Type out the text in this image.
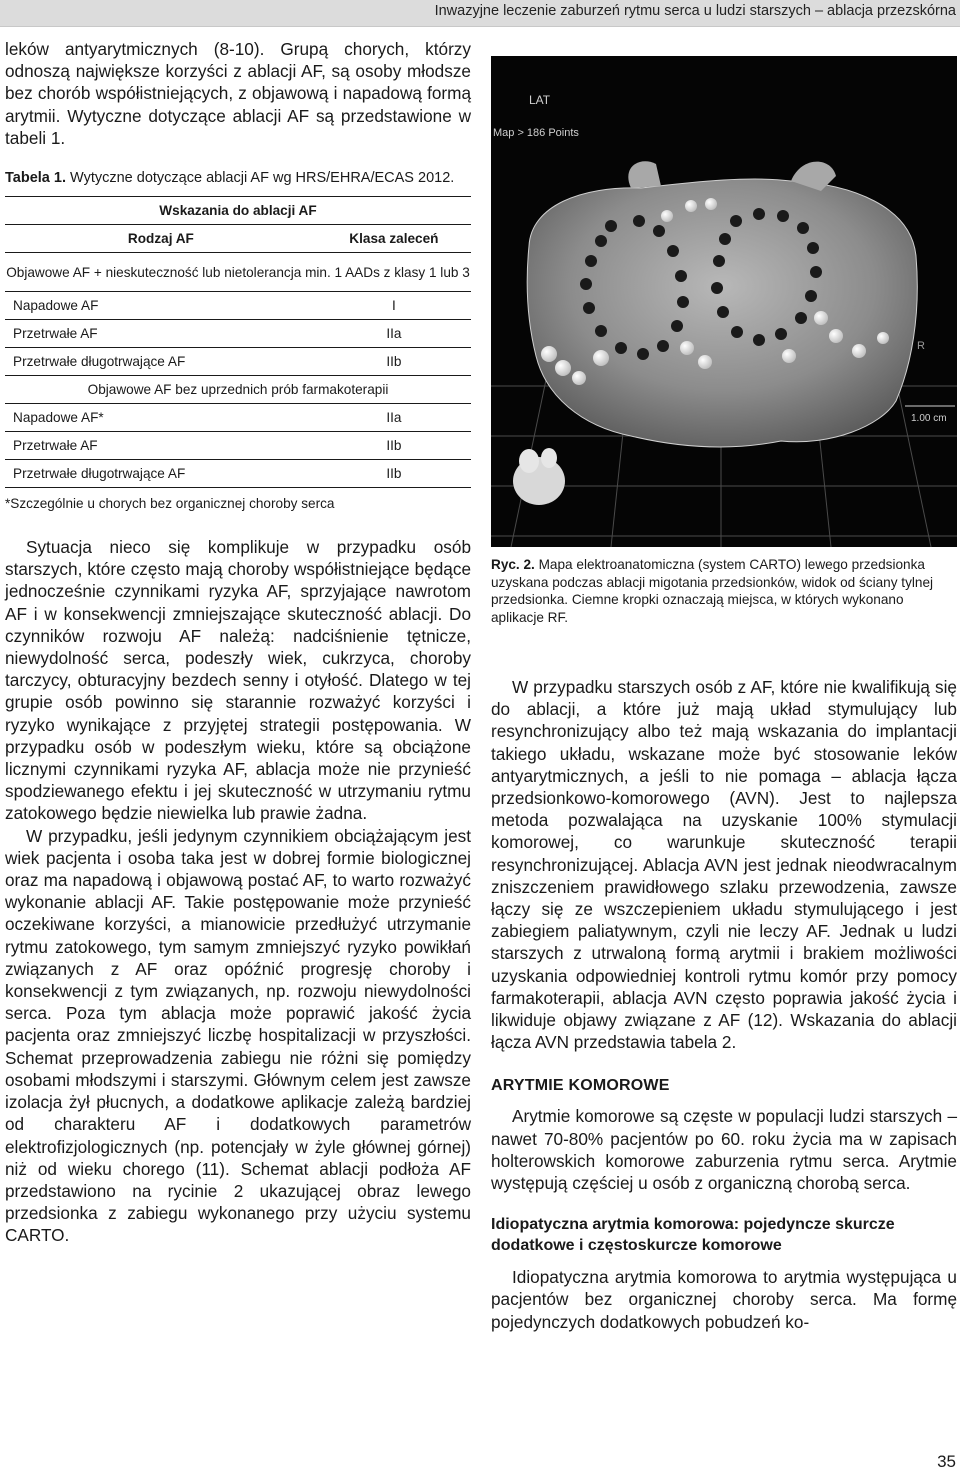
Inwazyjne leczenie zaburzeń rytmu serca u ludzi starszych – ablacja przezskórna

leków antyarytmicznych (8-10). Grupą chorych, którzy odnoszą największe korzyści z ablacji AF, są osoby młodsze bez chorób współistniejących, z objawową i napadową formą arytmii. Wytyczne dotyczące ablacji AF są przedstawione w tabeli 1.

Tabela 1. Wytyczne dotyczące ablacji AF wg HRS/EHRA/ECAS 2012.

Wskazania do ablacji AF	
Rodzaj AF	Klasa zaleceń
Objawowe AF + nieskuteczność lub nietolerancja min. 1 AADs z klasy 1 lub 3	
Napadowe AF	I
Przetrwałe AF	IIa
Przetrwałe długotrwające AF	IIb
Objawowe AF bez uprzednich prób farmakoterapii	
Napadowe AF*	IIa
Przetrwałe AF	IIb
Przetrwałe długotrwające AF	IIb
*Szczególnie u chorych bez organicznej choroby serca

Sytuacja nieco się komplikuje w przypadku osób starszych, które często mają choroby współistniejące będące jednocześnie czynnikami ryzyka AF, sprzyjające nawrotom AF i w konsekwencji zmniejszające skuteczność ablacji. Do czynników rozwoju AF należą: nadciśnienie tętnicze, niewydolność serca, podeszły wiek, cukrzyca, choroby tarczycy, obturacyjny bezdech senny i otyłość. Dlatego w tej grupie osób powinno się starannie rozważyć korzyści i ryzyko wynikające z przyjętej strategii postępowania. W przypadku osób w podeszłym wieku, które są obciążone licznymi czynnikami ryzyka AF, ablacja może nie przynieść spodziewanego efektu i jej skuteczność w utrzymaniu rytmu zatokowego będzie niewielka lub prawie żadna.

W przypadku, jeśli jedynym czynnikiem obciążającym jest wiek pacjenta i osoba taka jest w dobrej formie biologicznej oraz ma napadową i objawową postać AF, to warto rozważyć wykonanie ablacji AF. Takie postępowanie może przynieść oczekiwane korzyści, a mianowicie przedłużyć utrzymanie rytmu zatokowego, tym samym zmniejszyć ryzyko powikłań związanych z AF oraz opóźnić progresję choroby i konsekwencji z tym związanych, np. rozwoju niewydolności serca. Poza tym ablacja może poprawić jakość życia pacjenta oraz zmniejszyć liczbę hospitalizacji w przyszłości. Schemat przeprowadzenia zabiegu nie różni się pomiędzy osobami młodszymi i starszymi. Głównym celem jest zawsze izolacja żył płucnych, a dodatkowe aplikacje zależą bardziej od charakteru AF i dodatkowych parametrów elektrofizjologicznych (np. potencjały w żyle głównej górnej) niż od wieku chorego (11). Schemat ablacji podłoża AF przedstawiono na rycinie 2 ukazującej obraz lewego przedsionka z zabiegu wykonanego przy użyciu systemu CARTO.

LAT
Map > 186 Points
R
1.00 cm
Ryc. 2. Mapa elektroanatomiczna (system CARTO) lewego przedsionka uzyskana podczas ablacji migotania przedsionków, widok od ściany tylnej przedsionka. Ciemne kropki oznaczają miejsca, w których wykonano aplikacje RF.

W przypadku starszych osób z AF, które nie kwalifikują się do ablacji, a które już mają układ stymulujący lub resynchronizujący albo też mają wskazania do implantacji takiego układu, wskazane może być stosowanie leków antyarytmicznych, a jeśli to nie pomaga – ablacja łącza przedsionkowo-komorowego (AVN). Jest to najlepsza metoda pozwalająca na uzyskanie 100% stymulacji komorowej, co warunkuje skuteczność terapii resynchronizującej. Ablacja AVN jest jednak nieodwracalnym zniszczeniem prawidłowego szlaku przewodzenia, zawsze łączy się ze wszczepieniem układu stymulującego i jest zabiegiem paliatywnym, czyli nie leczy AF. Jednak u ludzi starszych z utrwaloną formą arytmii i brakiem możliwości uzyskania odpowiedniej kontroli rytmu komór przy pomocy farmakoterapii, ablacja AVN często poprawia jakość życia i likwiduje objawy związane z AF (12). Wskazania do ablacji łącza AVN przedstawia tabela 2.

ARYTMIE KOMOROWE

Arytmie komorowe są częste w populacji ludzi starszych – nawet 70-80% pacjentów po 60. roku życia ma w zapisach holterowskich komorowe zaburzenia rytmu serca. Arytmie występują częściej u osób z organiczną chorobą serca.

Idiopatyczna arytmia komorowa: pojedyncze skurcze dodatkowe i częstoskurcze komorowe

Idiopatyczna arytmia komorowa to arytmia występująca u pacjentów bez organicznej choroby serca. Ma formę pojedynczych dodatkowych pobudzeń ko-

35
